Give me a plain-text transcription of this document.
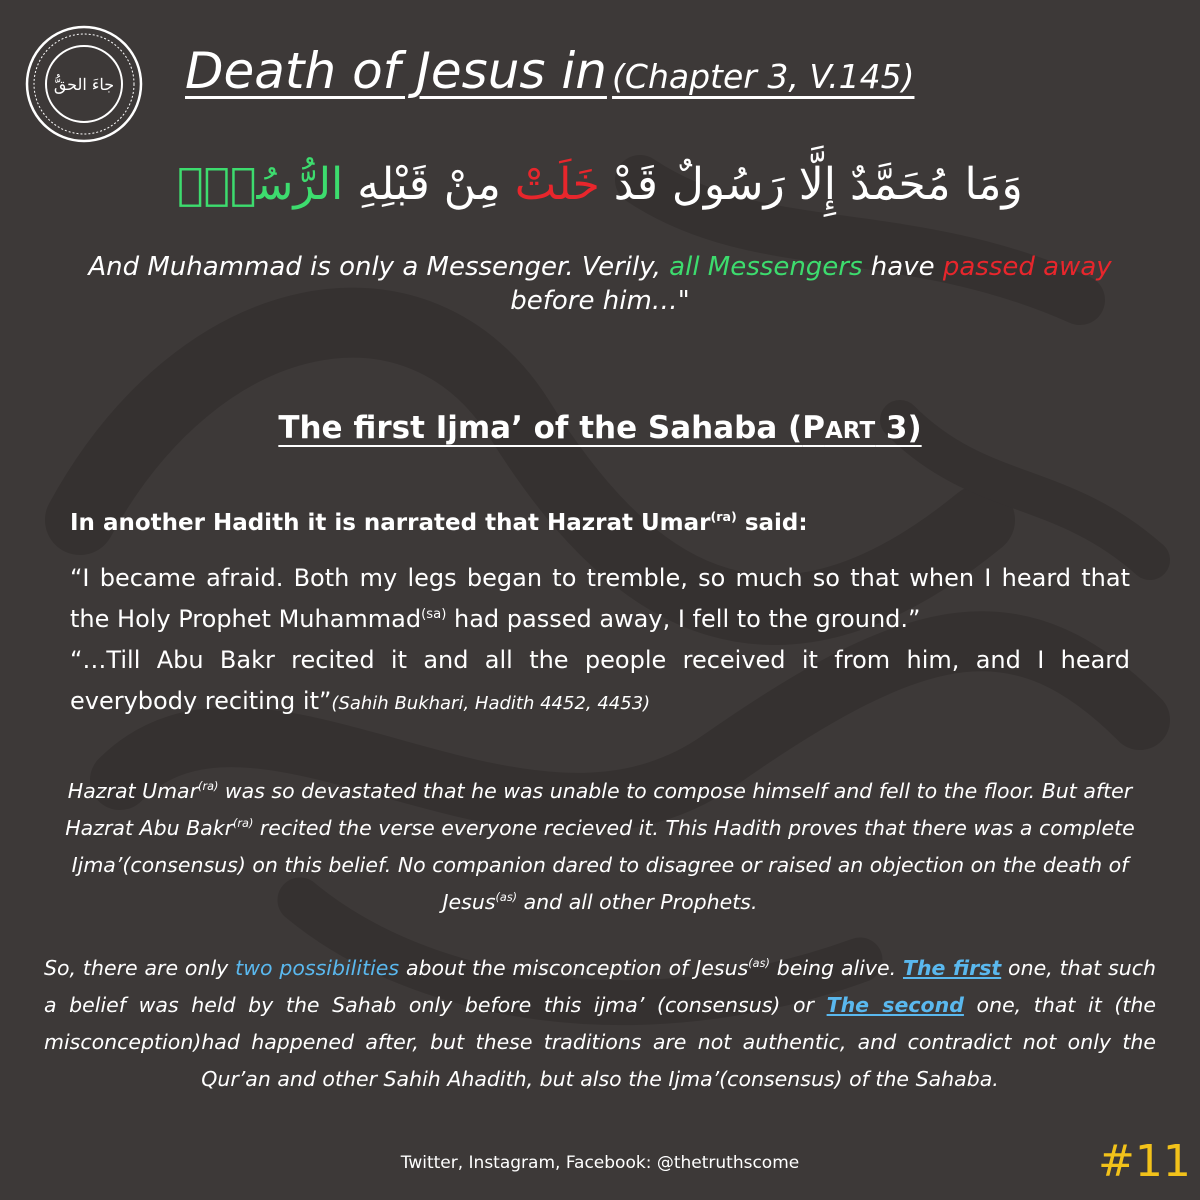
جاءَ الحقُّ Death of Jesus in (Chapter 3, V.145)
وَمَا مُحَمَّدٌ إِلَّا رَسُولٌ قَدْ خَلَتْ مِنْ قَبْلِهِ الرُّسُلُ
And Muhammad is only a Messenger. Verily, all Messengers have passed away before him…"
The first Ijma’ of the Sahaba (PART 3)
In another Hadith it is narrated that Hazrat Umar$^{(ra)}$ said:

“I became afraid. Both my legs began to tremble, so much so that when I heard that the Holy Prophet Muhammad$^{(sa)}$ had passed away, I fell to the ground.”

“…Till Abu Bakr recited it and all the people received it from him, and I heard everybody reciting it”(Sahih Bukhari, Hadith 4452, 4453)

Hazrat Umar$^{(ra)}$ was so devastated that he was unable to compose himself and fell to the floor. But after Hazrat Abu Bakr$^{(ra)}$ recited the verse everyone recieved it. This Hadith proves that there was a complete Ijma’(consensus) on this belief. No companion dared to disagree or raised an objection on the death of Jesus$^{(as)}$ and all other Prophets.
So, there are only two possibilities about the misconception of Jesus$^{(as)}$ being alive. The first one, that such a belief was held by the Sahab only before this ijma’ (consensus) or The second one, that it (the misconception)had happened after, but these traditions are not authentic, and contradict not only the Qur’an and other Sahih Ahadith, but also the Ijma’(consensus) of the Sahaba.
Twitter, Instagram, Facebook: @thetruthscome	#11
